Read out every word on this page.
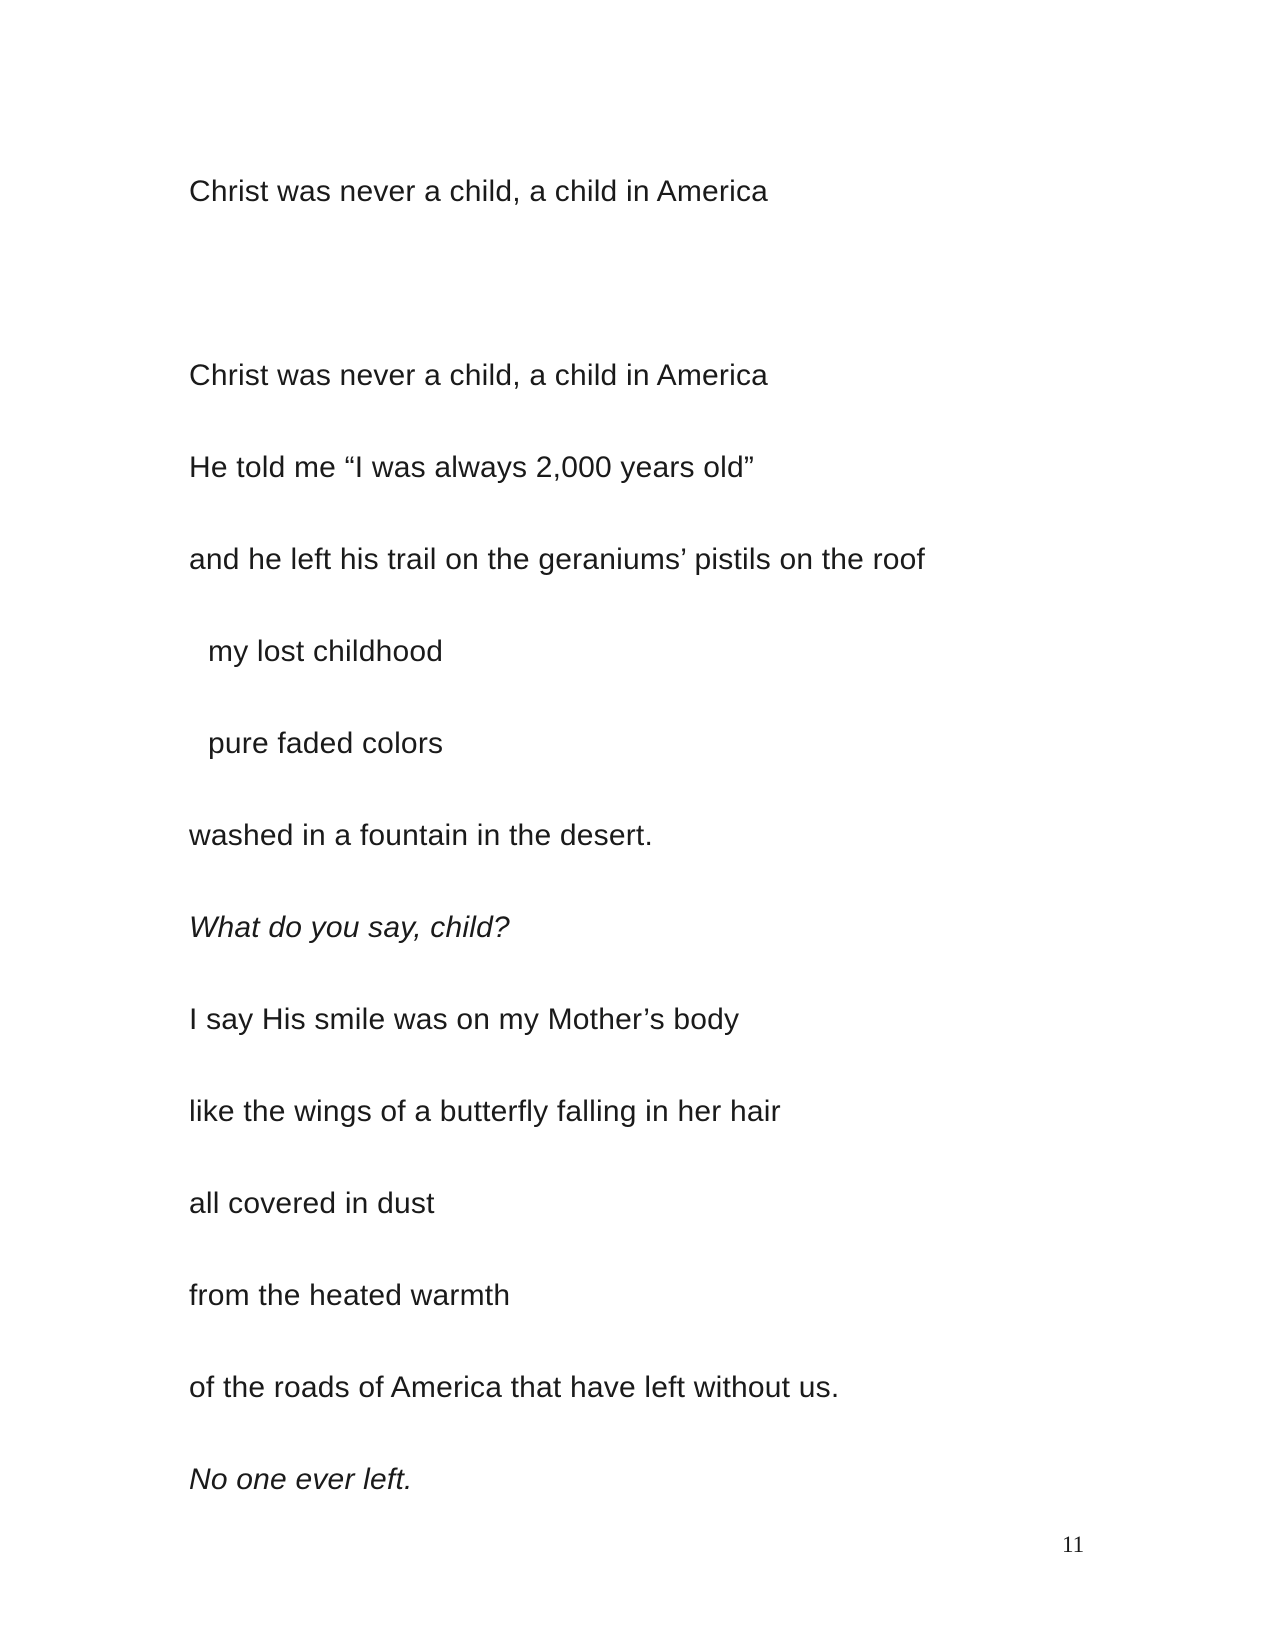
Christ was never a child, a child in America
Christ was never a child, a child in America
He told me “I was always 2,000 years old”
and he left his trail on the geraniums’ pistils on the roof
my lost childhood
pure faded colors
washed in a fountain in the desert.
What do you say, child?
I say His smile was on my Mother’s body
like the wings of a butterfly falling in her hair
all covered in dust
from the heated warmth
of the roads of America that have left without us.
No one ever left.
11
